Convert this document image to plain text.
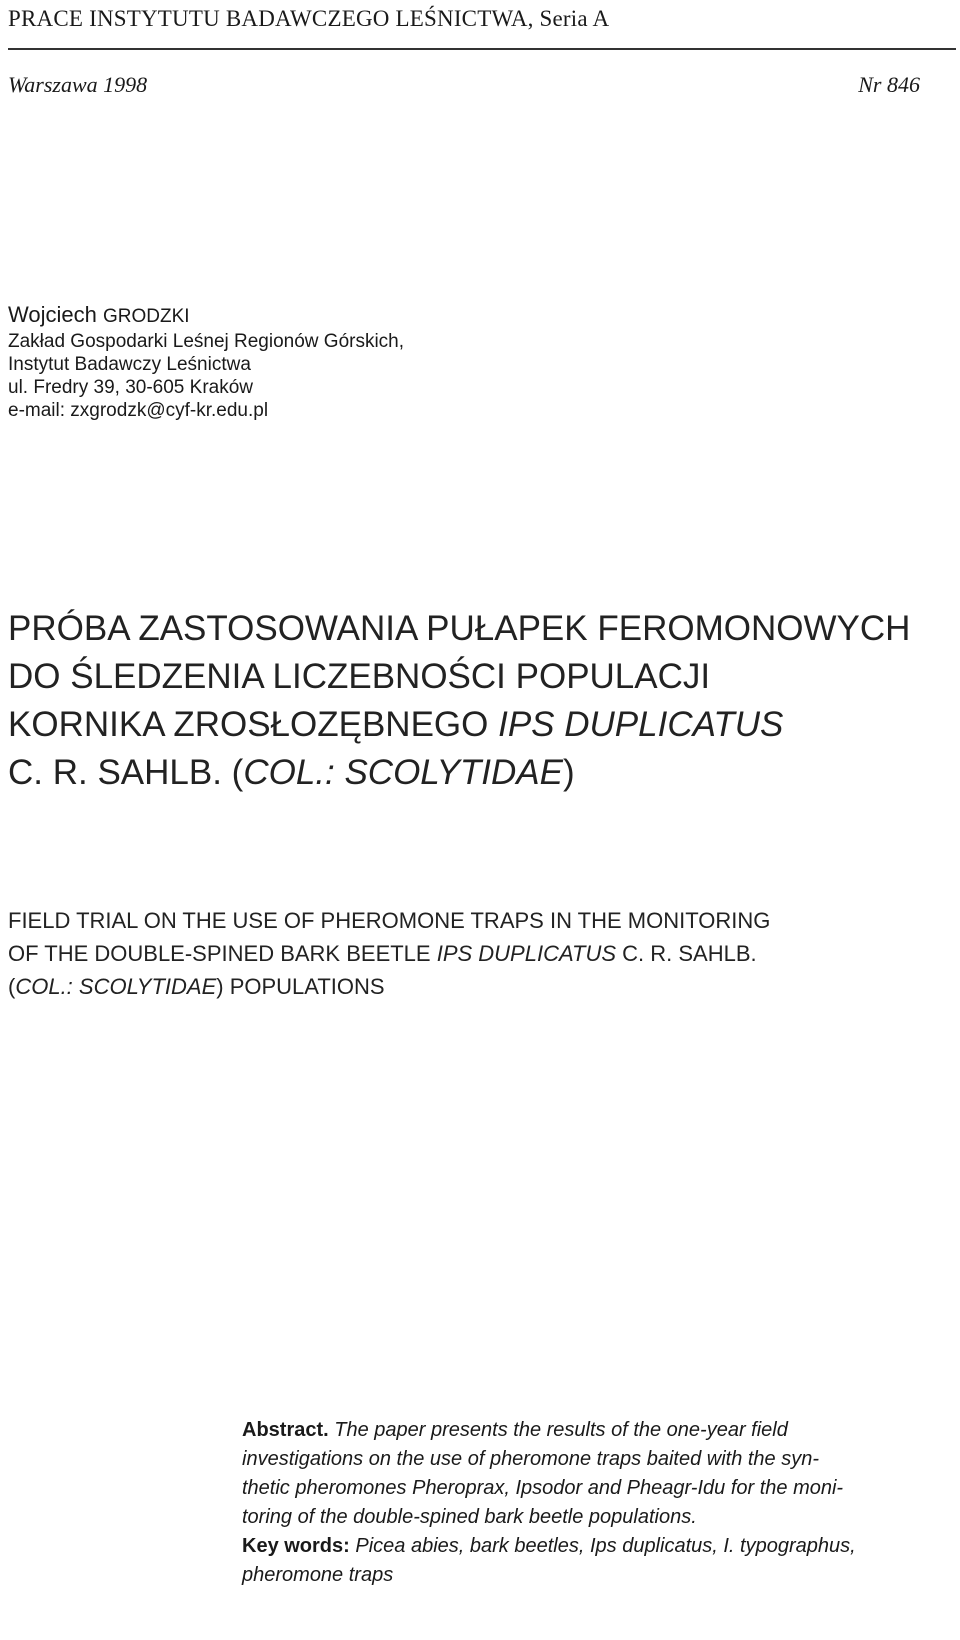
PRACE INSTYTUTU BADAWCZEGO LEŚNICTWA, Seria A
Warszawa 1998	Nr 846
Wojciech GRODZKI
Zakład Gospodarki Leśnej Regionów Górskich,
Instytut Badawczy Leśnictwa
ul. Fredry 39, 30-605 Kraków
e-mail: zxgrodzk@cyf-kr.edu.pl
PRÓBA ZASTOSOWANIA PUŁAPEK FEROMONOWYCH
DO ŚLEDZENIA LICZEBNOŚCI POPULACJI
KORNIKA ZROSŁOZĘBNEGO IPS DUPLICATUS
C. R. SAHLB. (COL.: SCOLYTIDAE)
FIELD TRIAL ON THE USE OF PHEROMONE TRAPS IN THE MONITORING
OF THE DOUBLE-SPINED BARK BEETLE IPS DUPLICATUS C. R. SAHLB.
(COL.: SCOLYTIDAE) POPULATIONS
Abstract. The paper presents the results of the one-year field
investigations on the use of pheromone traps baited with the syn-
thetic pheromones Pheroprax, Ipsodor and Pheagr-Idu for the moni-
toring of the double-spined bark beetle populations.
Key words: Picea abies, bark beetles, Ips duplicatus, I. typographus,
pheromone traps
